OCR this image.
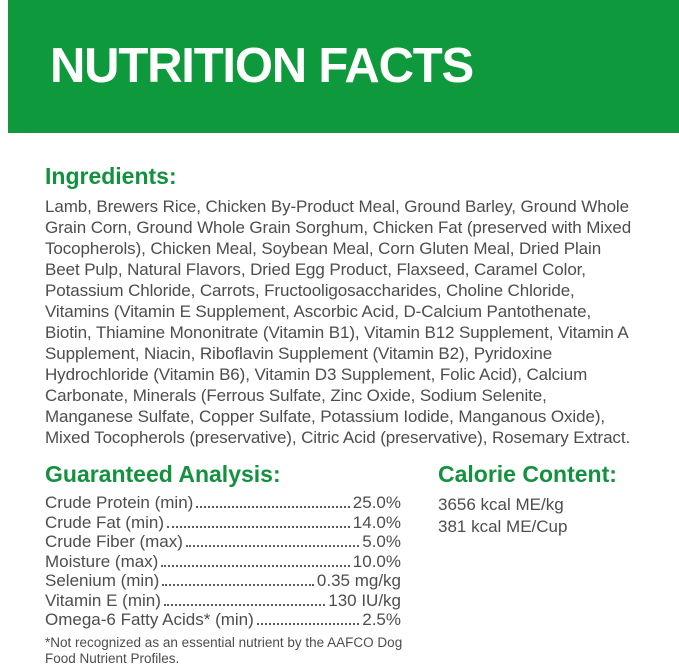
NUTRITION FACTS
Ingredients:

Lamb, Brewers Rice, Chicken By-Product Meal, Ground Barley, Ground Whole Grain Corn, Ground Whole Grain Sorghum, Chicken Fat (preserved with Mixed Tocopherols), Chicken Meal, Soybean Meal, Corn Gluten Meal, Dried Plain Beet Pulp, Natural Flavors, Dried Egg Product, Flaxseed, Caramel Color, Potassium Chloride, Carrots, Fructooligosaccharides, Choline Chloride, Vitamins (Vitamin E Supplement, Ascorbic Acid, D-Calcium Pantothenate, Biotin, Thiamine Mononitrate (Vitamin B1), Vitamin B12 Supplement, Vitamin A Supplement, Niacin, Riboflavin Supplement (Vitamin B2), Pyridoxine Hydrochloride (Vitamin B6), Vitamin D3 Supplement, Folic Acid), Calcium Carbonate, Minerals (Ferrous Sulfate, Zinc Oxide, Sodium Selenite, Manganese Sulfate, Copper Sulfate, Potassium Iodide, Manganous Oxide), Mixed Tocopherols (preservative), Citric Acid (preservative), Rosemary Extract.

Guaranteed Analysis:
Crude Protein (min)	25.0%
Crude Fat (min)	14.0%
Crude Fiber (max)	5.0%
Moisture (max)	10.0%
Selenium (min)	0.35 mg/kg
Vitamin E (min)	130 IU/kg
Omega-6 Fatty Acids* (min)	2.5%

*Not recognized as an essential nutrient by the AAFCO Dog Food Nutrient Profiles.

Calorie Content:

3656 kcal ME/kg

381 kcal ME/Cup
